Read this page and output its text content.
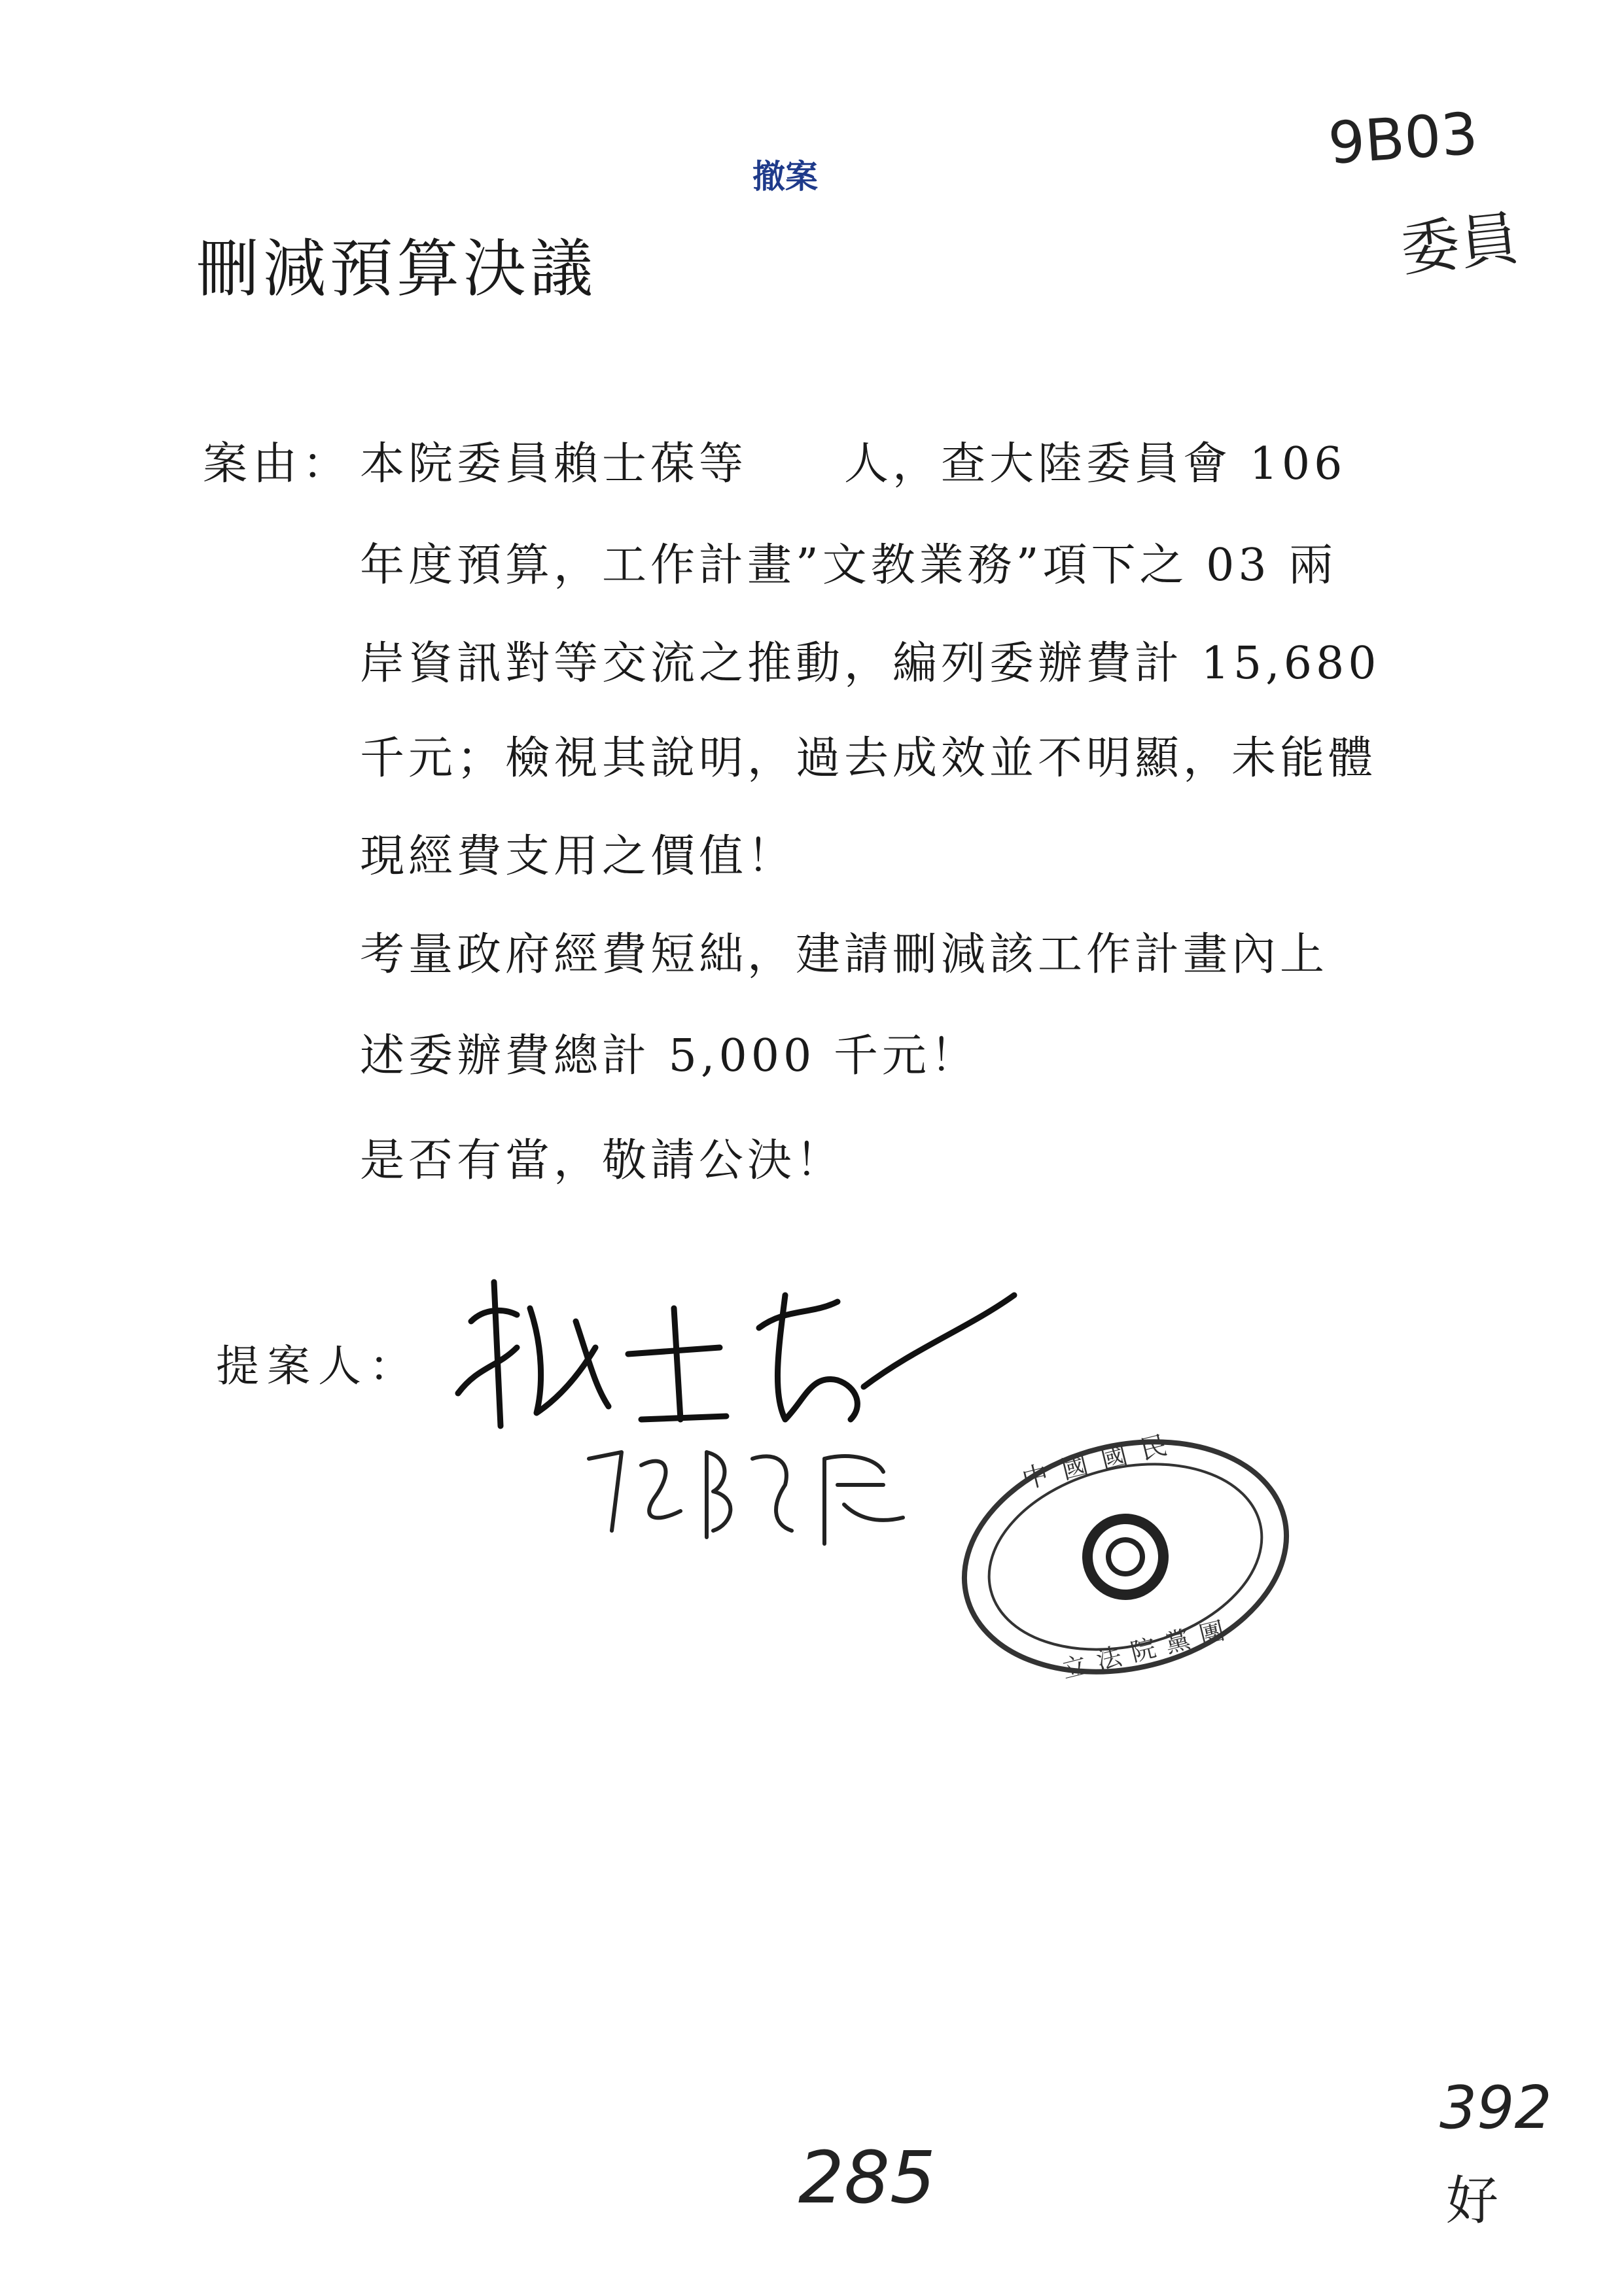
撤案
刪減預算決議
9B03
委員
案由： 本院委員賴士葆等　　人，查大陸委員會 106
年度預算，工作計畫”文教業務”項下之 03 兩
岸資訊對等交流之推動，編列委辦費計 15,680
千元；檢視其說明，過去成效並不明顯，未能體
現經費支用之價值！
考量政府經費短絀，建請刪減該工作計畫內上
述委辦費總計 5,000 千元！
是否有當，敬請公決！
提案人：
中國國民
立法院黨團
285
392
好
